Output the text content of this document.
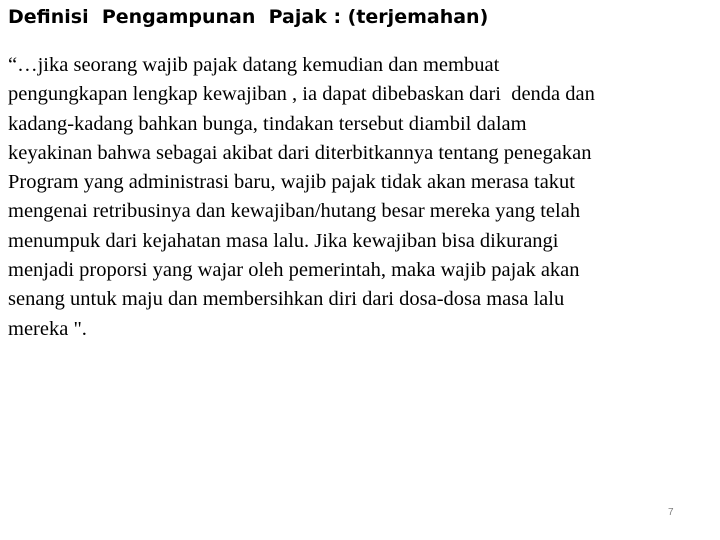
Definisi  Pengampunan  Pajak : (terjemahan)
“…jika seorang wajib pajak datang kemudian dan membuat
pengungkapan lengkap kewajiban , ia dapat dibebaskan dari  denda dan
kadang-kadang bahkan bunga, tindakan tersebut diambil dalam
keyakinan bahwa sebagai akibat dari diterbitkannya tentang penegakan
Program yang administrasi baru, wajib pajak tidak akan merasa takut
mengenai retribusinya dan kewajiban/hutang besar mereka yang telah
menumpuk dari kejahatan masa lalu. Jika kewajiban bisa dikurangi
menjadi proporsi yang wajar oleh pemerintah, maka wajib pajak akan
senang untuk maju dan membersihkan diri dari dosa-dosa masa lalu
mereka ".
7
